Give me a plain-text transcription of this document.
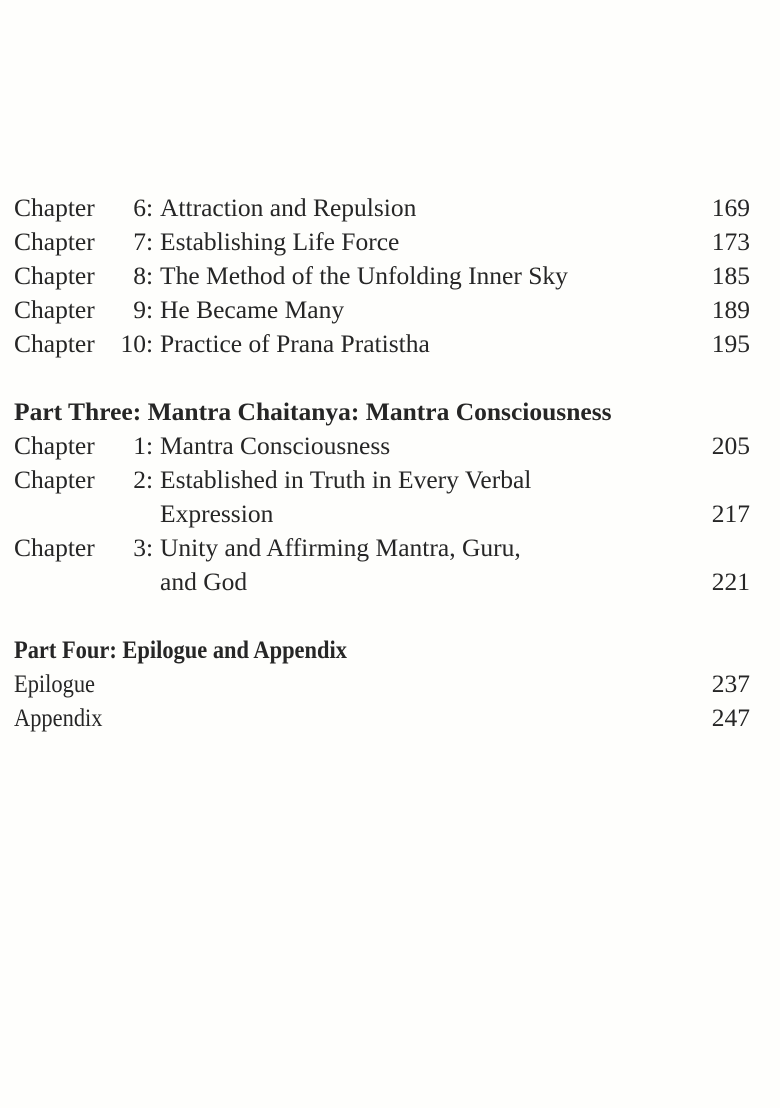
Chapter	6 : Attraction and Repulsion	169
Chapter	7 : Establishing Life Force	173
Chapter	8 : The Method of the Unfolding Inner Sky	185
Chapter	9 : He Became Many	189
Chapter	10 : Practice of Prana Pratistha	195
Part Three: Mantra Chaitanya: Mantra Consciousness
Chapter	1 : Mantra Consciousness	205
Chapter	2 : Established in Truth in Every Verbal
Expression	217
Chapter	3 : Unity and Affirming Mantra, Guru,
and God	221
Part Four: Epilogue and Appendix
Epilogue	237
Appendix	247
